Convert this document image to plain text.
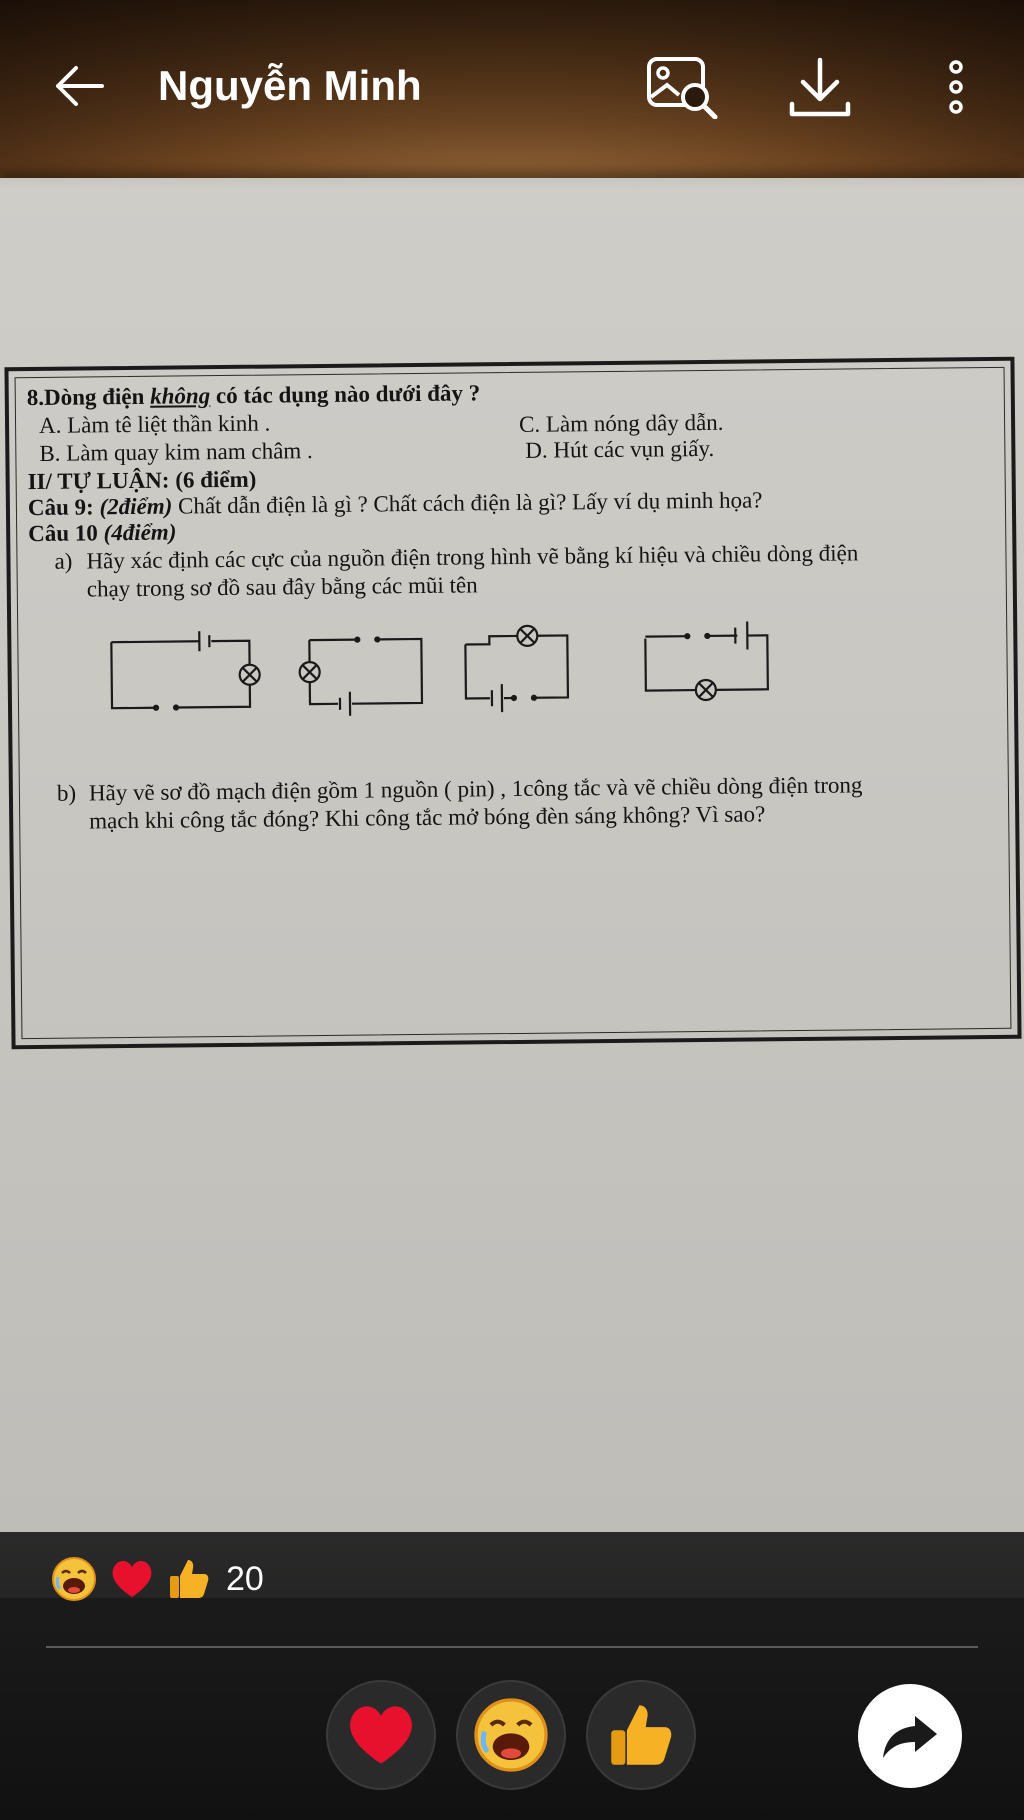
8.Dòng điện không có tác dụng nào dưới đây ?
A. Làm tê liệt thần kinh .	C. Làm nóng dây dẫn.
B. Làm quay kim nam châm .	D. Hút các vụn giấy.
II/ TỰ LUẬN: (6 điểm)
Câu 9: (2điểm) Chất dẫn điện là gì ? Chất cách điện là gì? Lấy ví dụ minh họa?
Câu 10 (4điểm)
a) Hãy xác định các cực của nguồn điện trong hình vẽ bằng kí hiệu và chiều dòng điện
chạy trong sơ đồ sau đây bằng các mũi tên
b) Hãy vẽ sơ đồ mạch điện gồm 1 nguồn ( pin) , 1công tắc và vẽ chiều dòng điện trong
mạch khi công tắc đóng? Khi công tắc mở bóng đèn sáng không? Vì sao?
Nguyễn Minh
20
